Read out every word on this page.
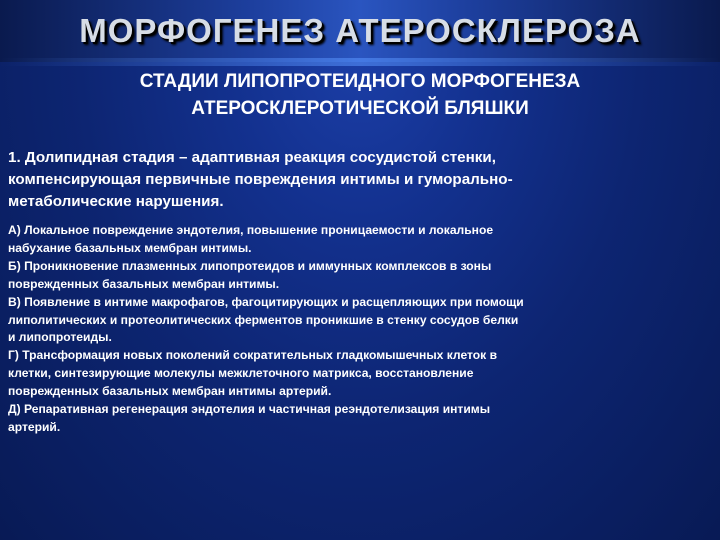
МОРФОГЕНЕЗ АТЕРОСКЛЕРОЗА
СТАДИИ ЛИПОПРОТЕИДНОГО МОРФОГЕНЕЗА
АТЕРОСКЛЕРОТИЧЕСКОЙ БЛЯШКИ
1. Долипидная стадия – адаптивная реакция сосудистой стенки,
компенсирующая первичные повреждения интимы и гуморально-
метаболические нарушения.
А) Локальное повреждение эндотелия, повышение проницаемости и локальное
набухание базальных мембран интимы.
Б) Проникновение плазменных липопротеидов и иммунных комплексов в зоны
поврежденных базальных мембран интимы.
В) Появление в интиме макрофагов, фагоцитирующих и расщепляющих при помощи
липолитических и протеолитических ферментов проникшие в стенку сосудов белки
и липопротеиды.
Г) Трансформация новых поколений сократительных гладкомышечных клеток в
клетки, синтезирующие молекулы межклеточного матрикса, восстановление
поврежденных базальных мембран интимы артерий.
Д) Репаративная регенерация эндотелия и частичная реэндотелизация интимы
артерий.
